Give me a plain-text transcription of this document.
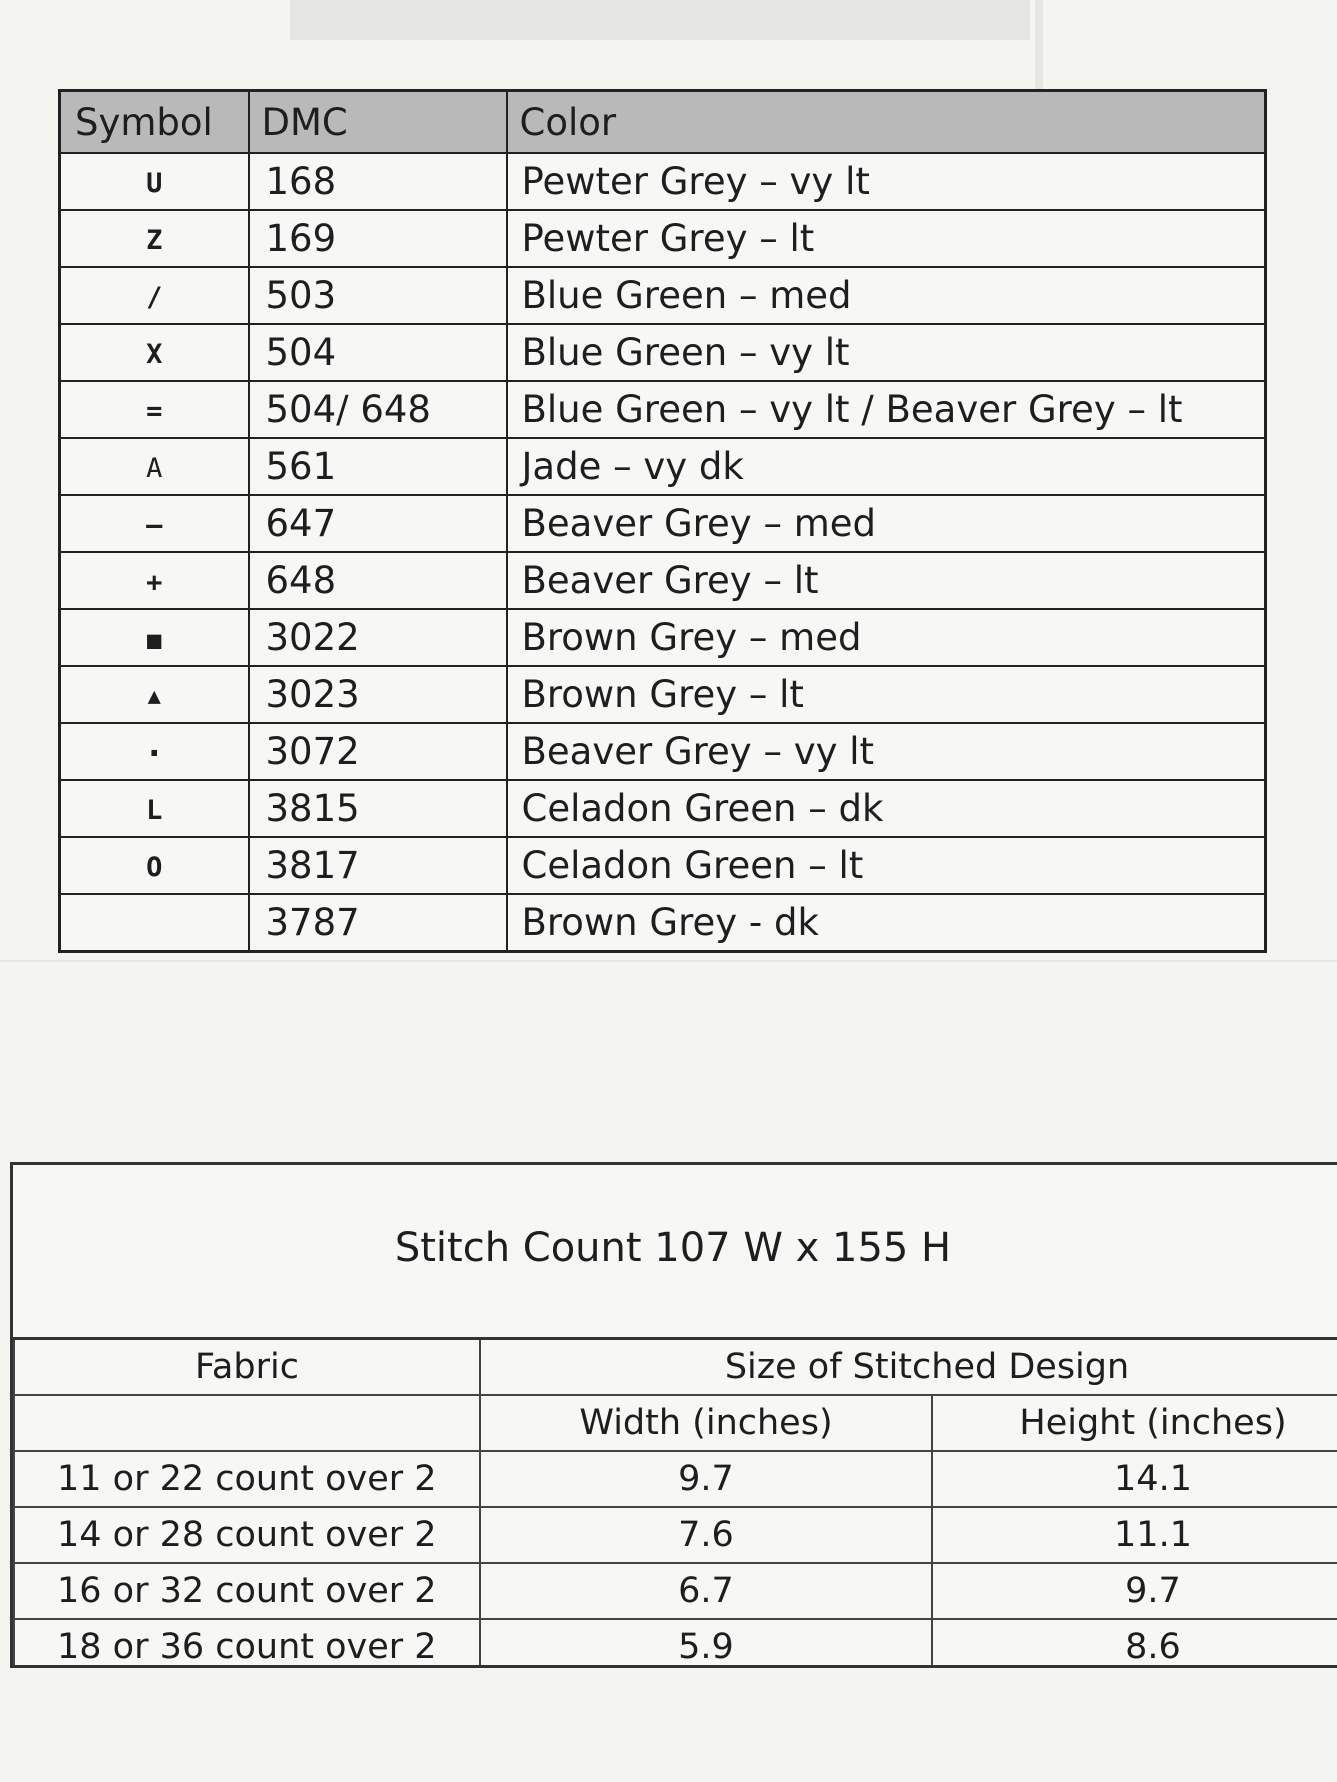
Symbol	DMC	Color
U	168	Pewter Grey – vy lt
Z	169	Pewter Grey – lt
/	503	Blue Green – med
X	504	Blue Green – vy lt
=	504/ 648	Blue Green – vy lt / Beaver Grey – lt
A	561	Jade – vy dk
–	647	Beaver Grey – med
+	648	Beaver Grey – lt
■	3022	Brown Grey – med
▲	3023	Brown Grey – lt
·	3072	Beaver Grey – vy lt
L	3815	Celadon Green – dk
O	3817	Celadon Green – lt
	3787	Brown Grey - dk
Stitch Count 107 W x 155 H
Fabric	Size of Stitched Design	
	Width (inches)	Height (inches)
11 or 22 count over 2	9.7	14.1
14 or 28 count over 2	7.6	11.1
16 or 32 count over 2	6.7	9.7
18 or 36 count over 2	5.9	8.6
